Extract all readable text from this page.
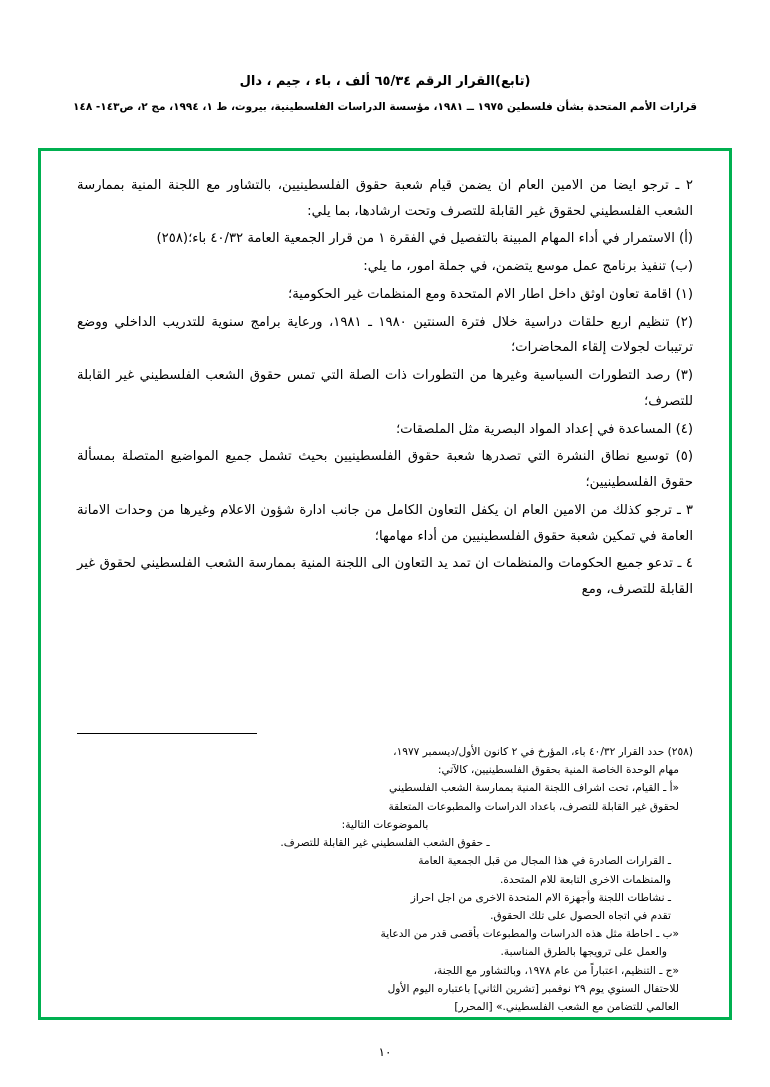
(تابع)القرار الرقم ٦٥/٣٤ ألف ، باء ، جيم ، دال
قرارات الأمم المتحدة بشأن فلسطين ١٩٧٥ ــ ١٩٨١، مؤسسة الدراسات الفلسطينية، بيروت، ط ١، ١٩٩٤، مج ٢، ص١٤٣- ١٤٨

٢ ـ ترجو ايضا من الامين العام ان يضمن قيام شعبة حقوق الفلسطينيين، بالتشاور مع اللجنة المنية بممارسة الشعب الفلسطيني لحقوق غير القابلة للتصرف وتحت ارشادها، بما يلي:

(أ) الاستمرار في أداء المهام المبينة بالتفصيل في الفقرة ١ من قرار الجمعية العامة ٤٠/٣٢ باء؛(٢٥٨)

(ب) تنفيذ برنامج عمل موسع يتضمن، في جملة امور، ما يلي:

(١) اقامة تعاون اوثق داخل اطار الام المتحدة ومع المنظمات غير الحكومية؛

(٢) تنظيم اربع حلقات دراسية خلال فترة السنتين ١٩٨٠ ـ ١٩٨١، ورعاية برامج سنوية للتدريب الداخلي ووضع ترتيبات لجولات إلقاء المحاضرات؛

(٣) رصد التطورات السياسية وغيرها من التطورات ذات الصلة التي تمس حقوق الشعب الفلسطيني غير القابلة للتصرف؛

(٤) المساعدة في إعداد المواد البصرية مثل الملصقات؛

(٥) توسيع نطاق النشرة التي تصدرها شعبة حقوق الفلسطينيين بحيث تشمل جميع المواضيع المتصلة بمسألة حقوق الفلسطينيين؛

٣ ـ ترجو كذلك من الامين العام ان يكفل التعاون الكامل من جانب ادارة شؤون الاعلام وغيرها من وحدات الامانة العامة في تمكين شعبة حقوق الفلسطينيين من أداء مهامها؛

٤ ـ تدعو جميع الحكومات والمنظمات ان تمد يد التعاون الى اللجنة المنية بممارسة الشعب الفلسطيني لحقوق غير القابلة للتصرف، ومع

(٢٥٨) حدد القرار ٤٠/٣٢ باء، المؤرخ في ٢ كانون الأول/ديسمبر ١٩٧٧،

مهام الوحدة الخاصة المنية بحقوق الفلسطينيين، كالآتي:

«أ ـ القيام، تحت اشراف اللجنة المنية بممارسة الشعب الفلسطيني

لحقوق غير القابلة للتصرف، باعداد الدراسات والمطبوعات المتعلقة

بالموضوعات التالية:

ـ حقوق الشعب الفلسطيني غير القابلة للتصرف.

ـ القرارات الصادرة في هذا المجال من قبل الجمعية العامة

والمنظمات الاخرى التابعة للام المتحدة.

ـ نشاطات اللجنة وأجهزة الام المتحدة الاخرى من اجل احراز

تقدم في اتجاه الحصول على تلك الحقوق.

«ب ـ احاطة مثل هذه الدراسات والمطبوعات بأقصى قدر من الدعاية

والعمل على ترويجها بالطرق المناسبة.

«ج ـ التنظيم، اعتباراً من عام ١٩٧٨، وبالتشاور مع اللجنة،

للاحتفال السنوي يوم ٢٩ نوفمبر [تشرين الثاني] باعتباره اليوم الأول

العالمي للتضامن مع الشعب الفلسطيني.» [المحرر]

١٠
